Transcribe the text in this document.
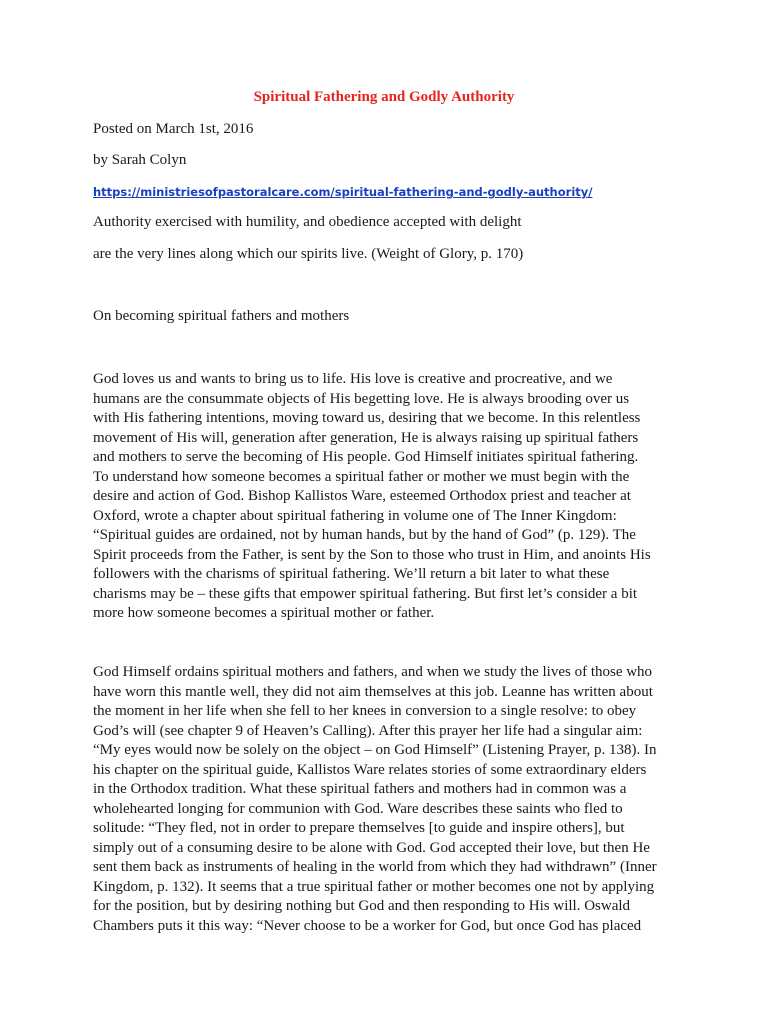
Spiritual Fathering and Godly Authority
Posted on March 1st, 2016
by Sarah Colyn
https://ministriesofpastoralcare.com/spiritual-fathering-and-godly-authority/
Authority exercised with humility, and obedience accepted with delight
are the very lines along which our spirits live. (Weight of Glory, p. 170)
On becoming spiritual fathers and mothers
God loves us and wants to bring us to life. His love is creative and procreative, and we
humans are the consummate objects of His begetting love. He is always brooding over us
with His fathering intentions, moving toward us, desiring that we become. In this relentless
movement of His will, generation after generation, He is always raising up spiritual fathers
and mothers to serve the becoming of His people. God Himself initiates spiritual fathering.
To understand how someone becomes a spiritual father or mother we must begin with the
desire and action of God. Bishop Kallistos Ware, esteemed Orthodox priest and teacher at
Oxford, wrote a chapter about spiritual fathering in volume one of The Inner Kingdom:
“Spiritual guides are ordained, not by human hands, but by the hand of God” (p. 129). The
Spirit proceeds from the Father, is sent by the Son to those who trust in Him, and anoints His
followers with the charisms of spiritual fathering. We’ll return a bit later to what these
charisms may be – these gifts that empower spiritual fathering. But first let’s consider a bit
more how someone becomes a spiritual mother or father.
God Himself ordains spiritual mothers and fathers, and when we study the lives of those who
have worn this mantle well, they did not aim themselves at this job. Leanne has written about
the moment in her life when she fell to her knees in conversion to a single resolve: to obey
God’s will (see chapter 9 of Heaven’s Calling). After this prayer her life had a singular aim:
“My eyes would now be solely on the object – on God Himself” (Listening Prayer, p. 138). In
his chapter on the spiritual guide, Kallistos Ware relates stories of some extraordinary elders
in the Orthodox tradition. What these spiritual fathers and mothers had in common was a
wholehearted longing for communion with God. Ware describes these saints who fled to
solitude: “They fled, not in order to prepare themselves [to guide and inspire others], but
simply out of a consuming desire to be alone with God. God accepted their love, but then He
sent them back as instruments of healing in the world from which they had withdrawn” (Inner
Kingdom, p. 132). It seems that a true spiritual father or mother becomes one not by applying
for the position, but by desiring nothing but God and then responding to His will. Oswald
Chambers puts it this way: “Never choose to be a worker for God, but once God has placed
